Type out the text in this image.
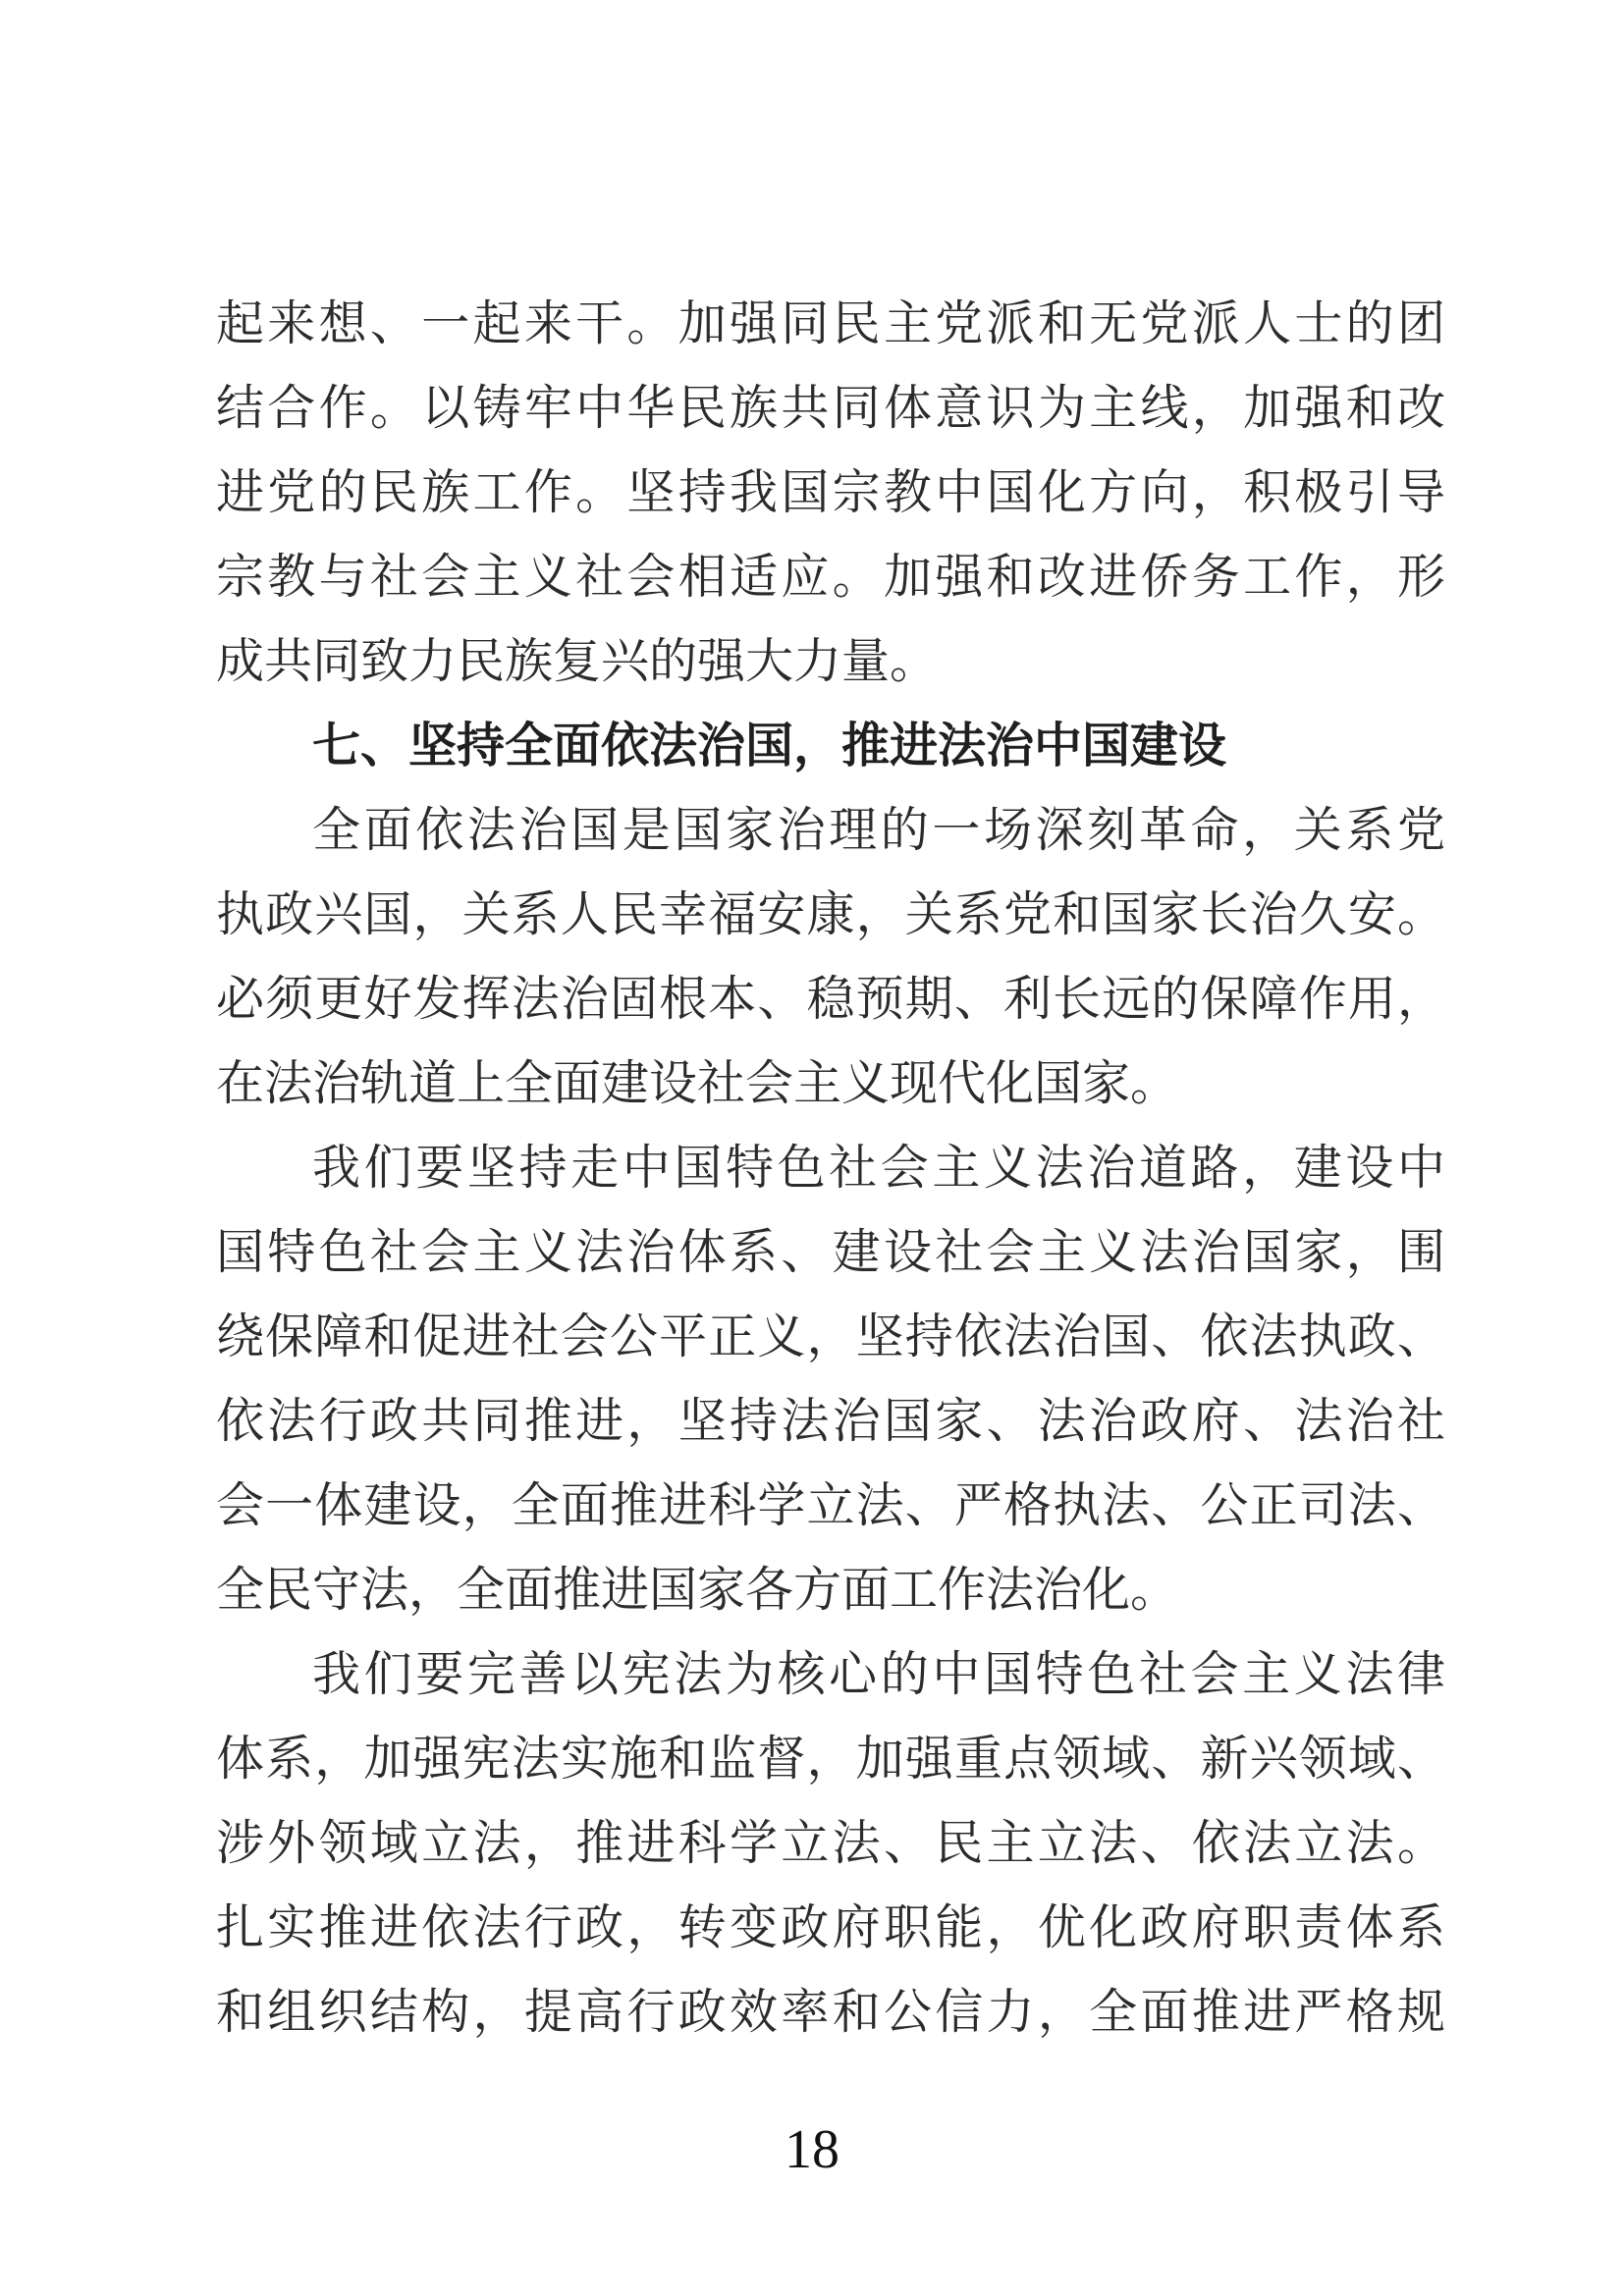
起来想、一起来干。加强同民主党派和无党派人士的团
结合作。以铸牢中华民族共同体意识为主线，加强和改
进党的民族工作。坚持我国宗教中国化方向，积极引导
宗教与社会主义社会相适应。加强和改进侨务工作，形
成共同致力民族复兴的强大力量。
七、坚持全面依法治国，推进法治中国建设
全面依法治国是国家治理的一场深刻革命，关系党
执政兴国，关系人民幸福安康，关系党和国家长治久安。
必须更好发挥法治固根本、稳预期、利长远的保障作用，
在法治轨道上全面建设社会主义现代化国家。
我们要坚持走中国特色社会主义法治道路，建设中
国特色社会主义法治体系、建设社会主义法治国家，围
绕保障和促进社会公平正义，坚持依法治国、依法执政、
依法行政共同推进，坚持法治国家、法治政府、法治社
会一体建设，全面推进科学立法、严格执法、公正司法、
全民守法，全面推进国家各方面工作法治化。
我们要完善以宪法为核心的中国特色社会主义法律
体系，加强宪法实施和监督，加强重点领域、新兴领域、
涉外领域立法，推进科学立法、民主立法、依法立法。
扎实推进依法行政，转变政府职能，优化政府职责体系
和组织结构，提高行政效率和公信力，全面推进严格规
18
